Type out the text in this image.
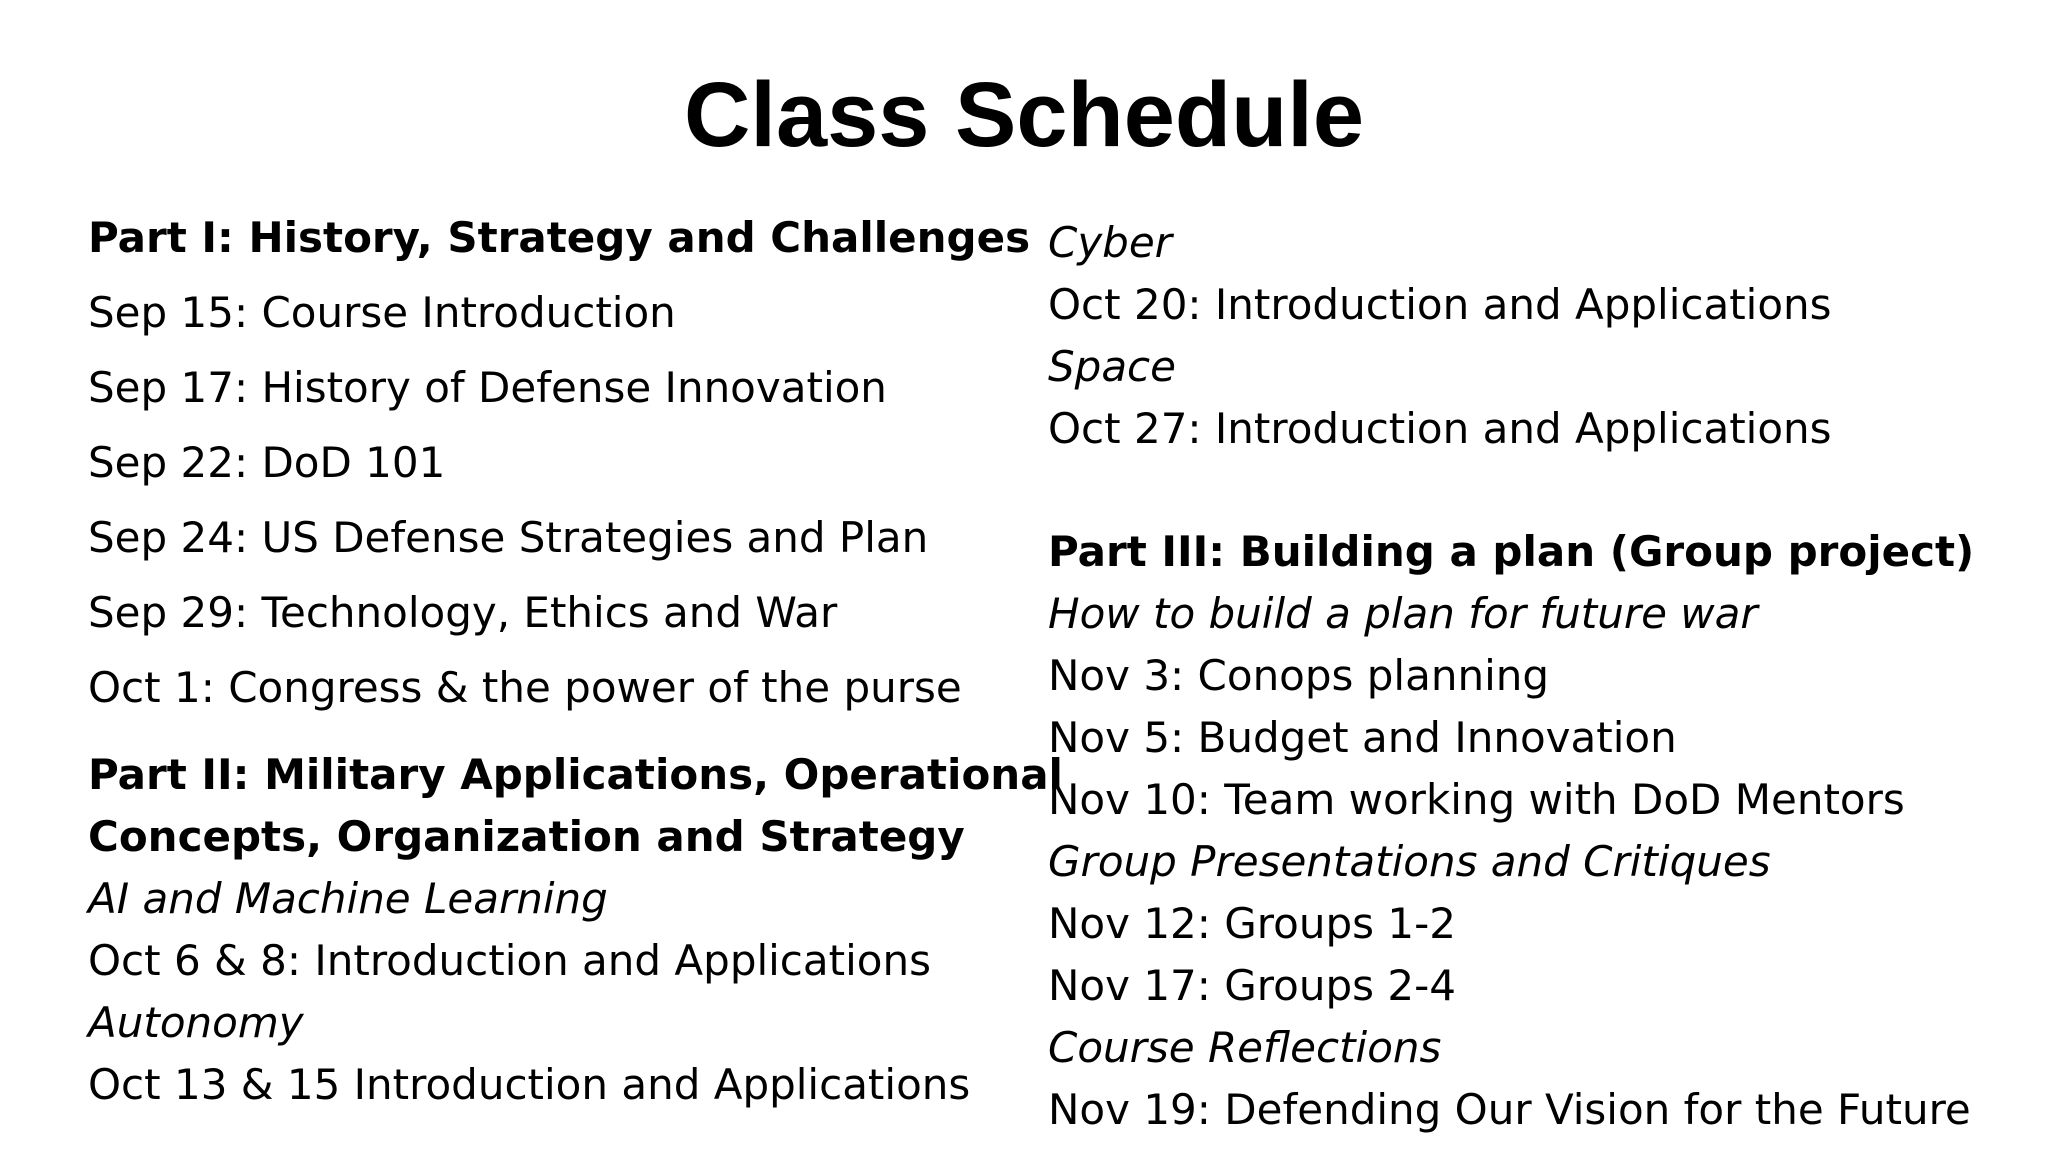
Class Schedule
Part I: History, Strategy and Challenges
Sep 15: Course Introduction
Sep 17: History of Defense Innovation
Sep 22: DoD 101
Sep 24: US Defense Strategies and Plan
Sep 29: Technology, Ethics and War
Oct 1: Congress & the power of the purse
Part II: Military Applications, Operational
Concepts, Organization and Strategy
AI and Machine Learning
Oct 6 & 8: Introduction and Applications
Autonomy
Oct 13 & 15 Introduction and Applications
Cyber
Oct 20: Introduction and Applications
Space
Oct 27: Introduction and Applications
Part III: Building a plan (Group project)
How to build a plan for future war
Nov 3: Conops planning
Nov 5: Budget and Innovation
Nov 10: Team working with DoD Mentors
Group Presentations and Critiques
Nov 12: Groups 1-2
Nov 17: Groups 2-4
Course Reflections
Nov 19: Defending Our Vision for the Future
